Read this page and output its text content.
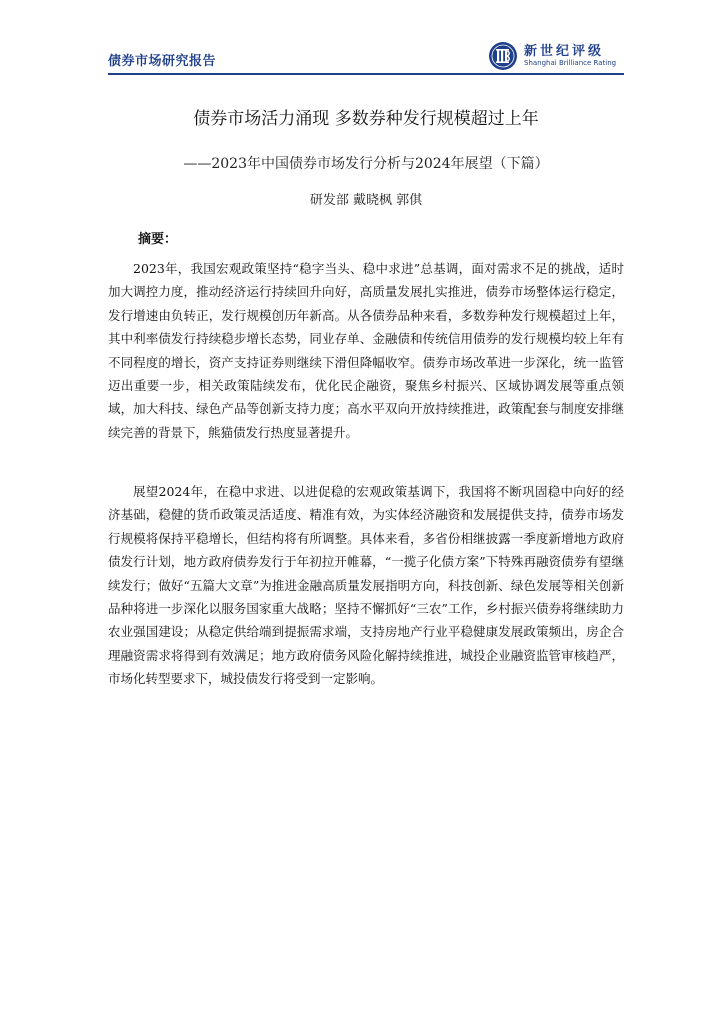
债券市场研究报告
新世纪评级
Shanghai Brilliance Rating
债券市场活力涌现 多数券种发行规模超过上年
——2023年中国债券市场发行分析与2024年展望（下篇）
研发部 戴晓枫 郭倛
摘要：

2023年，我国宏观政策坚持“稳字当头、稳中求进”总基调，面对需求不足的挑战，适时加大调控力度，推动经济运行持续回升向好，高质量发展扎实推进，债券市场整体运行稳定，发行增速由负转正，发行规模创历年新高。从各债券品种来看，多数券种发行规模超过上年，其中利率债发行持续稳步增长态势，同业存单、金融债和传统信用债券的发行规模均较上年有不同程度的增长，资产支持证券则继续下滑但降幅收窄。债券市场改革进一步深化，统一监管迈出重要一步，相关政策陆续发布，优化民企融资，聚焦乡村振兴、区域协调发展等重点领域，加大科技、绿色产品等创新支持力度；高水平双向开放持续推进，政策配套与制度安排继续完善的背景下，熊猫债发行热度显著提升。

展望2024年，在稳中求进、以进促稳的宏观政策基调下，我国将不断巩固稳中向好的经济基础，稳健的货币政策灵活适度、精准有效，为实体经济融资和发展提供支持，债券市场发行规模将保持平稳增长，但结构将有所调整。具体来看，多省份相继披露一季度新增地方政府债发行计划，地方政府债券发行于年初拉开帷幕，“一揽子化债方案”下特殊再融资债券有望继续发行；做好“五篇大文章”为推进金融高质量发展指明方向，科技创新、绿色发展等相关创新品种将进一步深化以服务国家重大战略；坚持不懈抓好“三农”工作，乡村振兴债券将继续助力农业强国建设；从稳定供给端到提振需求端，支持房地产行业平稳健康发展政策频出，房企合理融资需求将得到有效满足；地方政府债务风险化解持续推进，城投企业融资监管审核趋严，市场化转型要求下，城投债发行将受到一定影响。
